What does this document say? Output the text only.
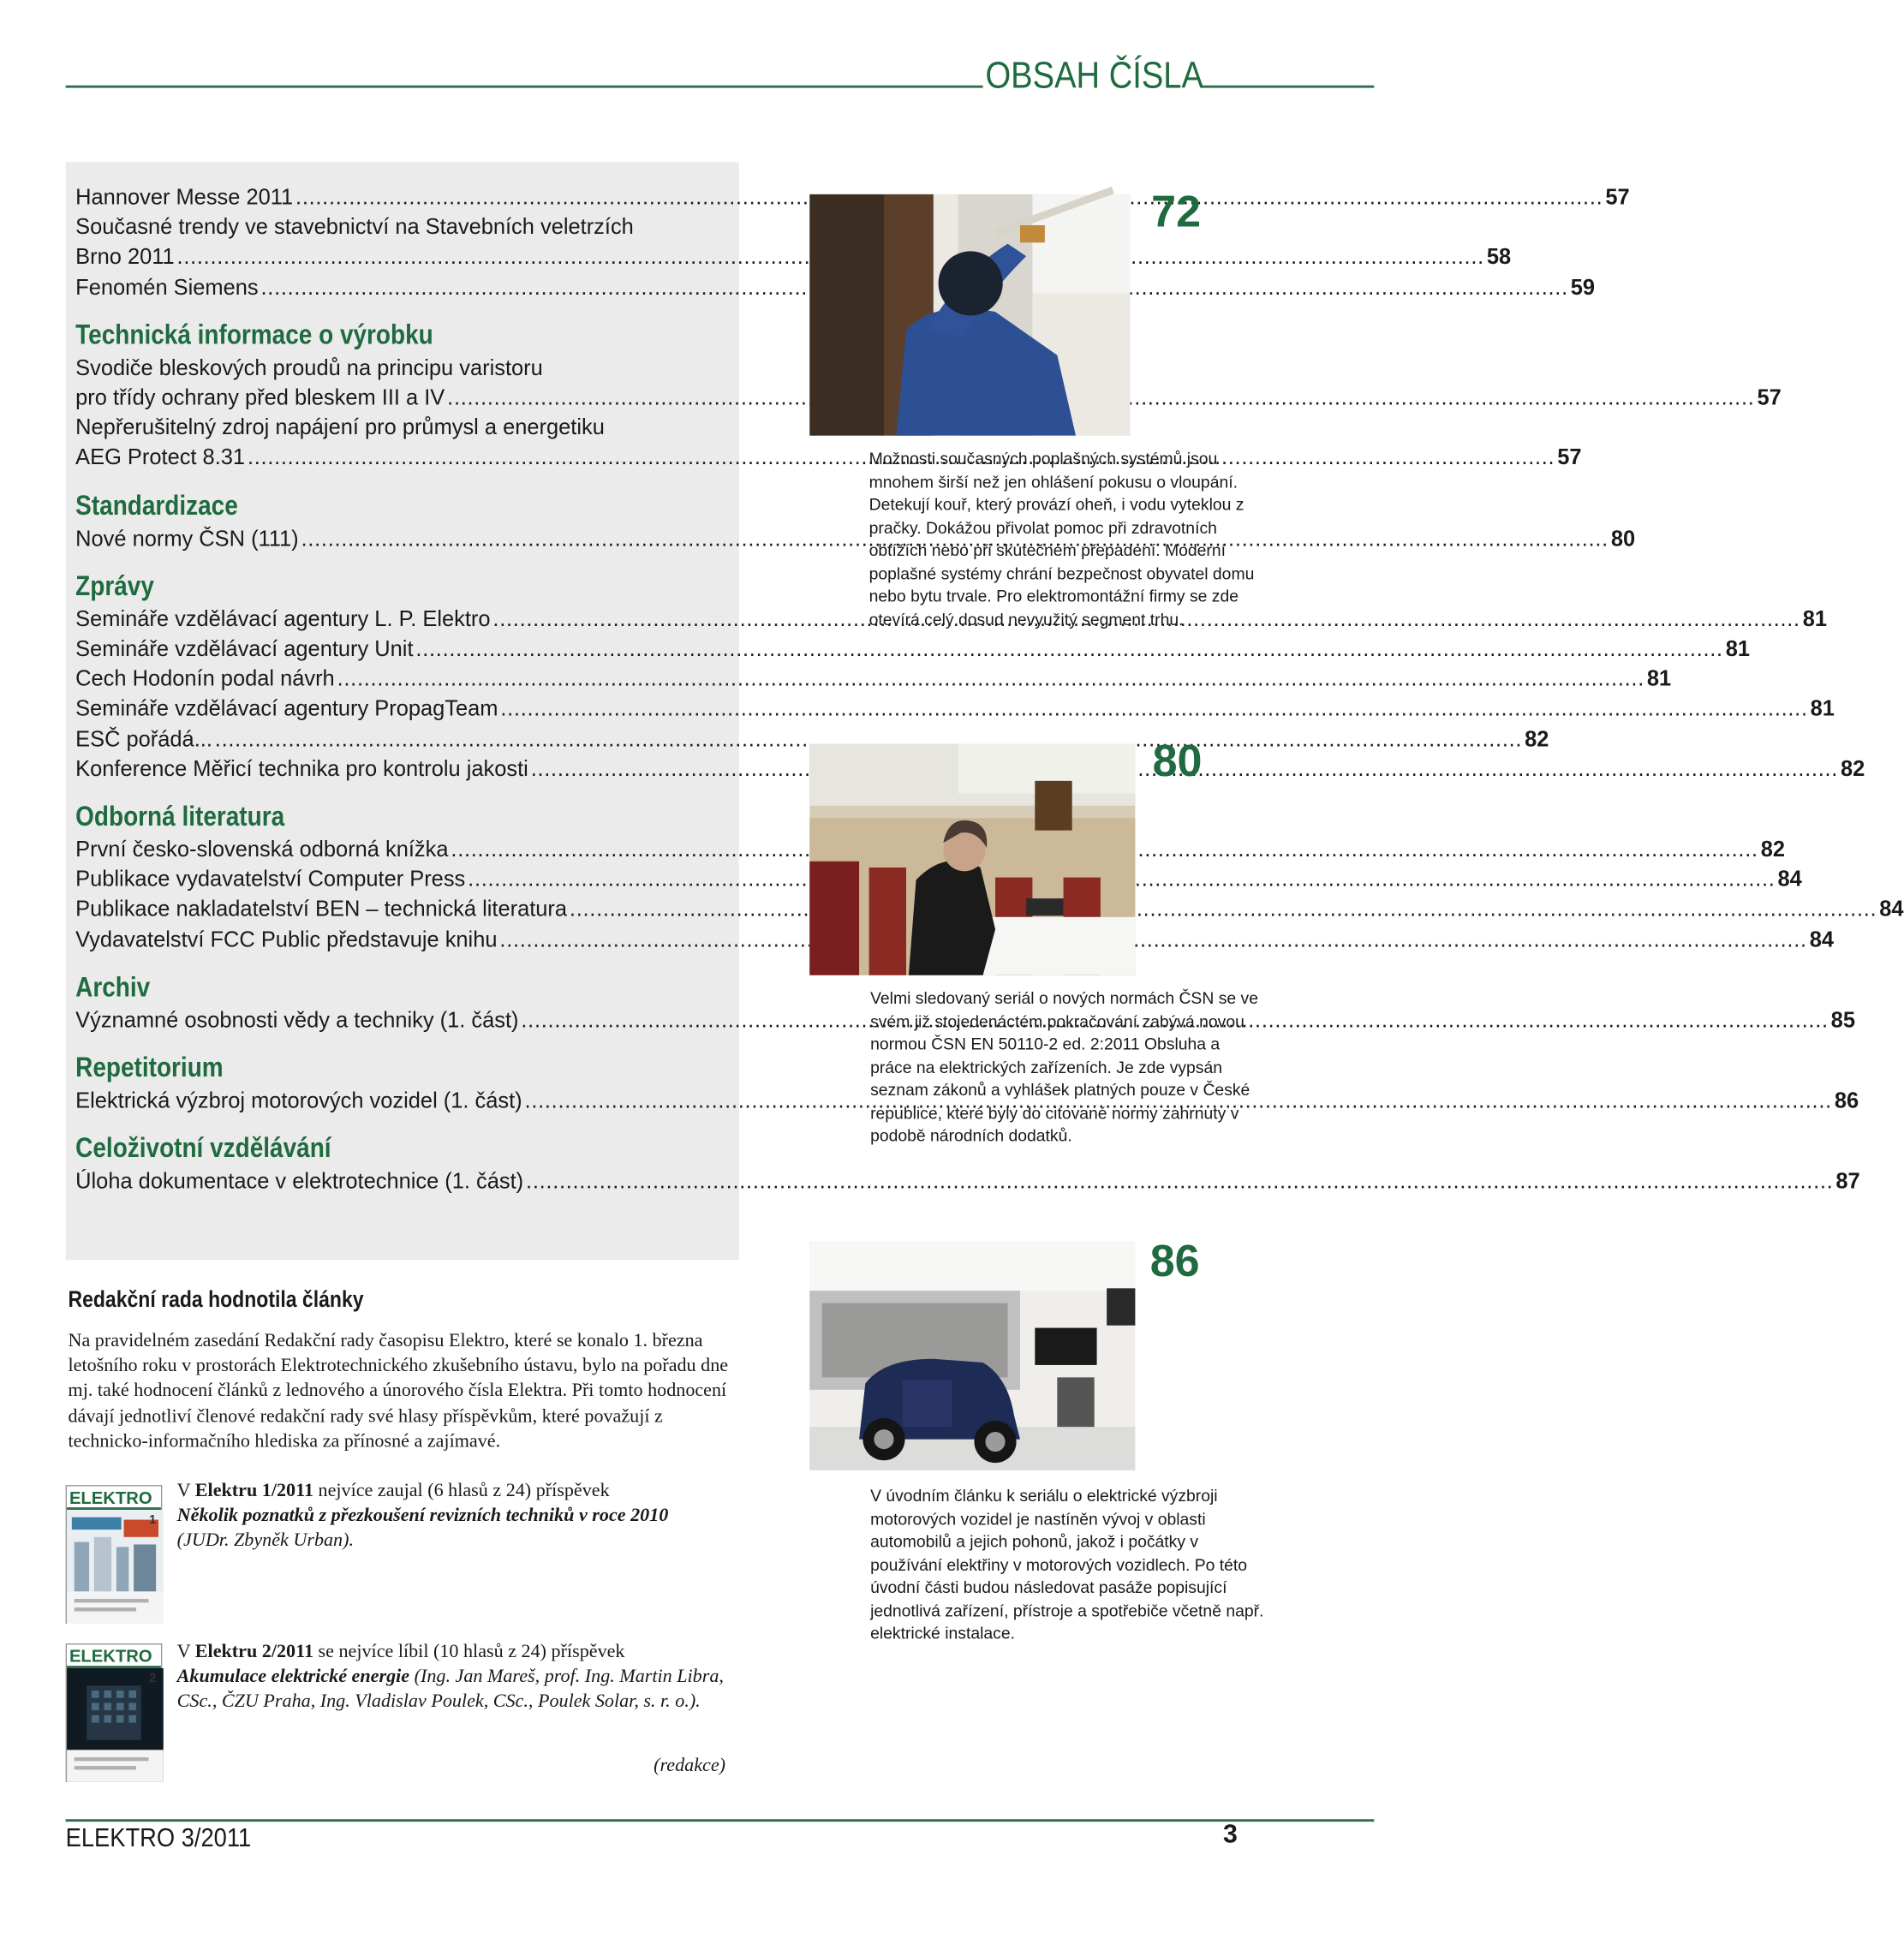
OBSAH ČÍSLA
Hannover Messe 2011 .....	57
Současné trendy ve stavebnictví na Stavebních veletrzích
Brno 2011 .....	58
Fenomén Siemens .....	59
Technická informace o výrobku
Svodiče bleskových proudů na principu varistoru
pro třídy ochrany před bleskem III a IV .....	57
Nepřerušitelný zdroj napájení pro průmysl a energetiku
AEG Protect 8.31 .....	57
Standardizace
Nové normy ČSN (111) .....	80
Zprávy
Semináře vzdělávací agentury L. P. Elektro .....	81
Semináře vzdělávací agentury Unit .....	81
Cech Hodonín podal návrh .....	81
Semináře vzdělávací agentury PropagTeam .....	81
ESČ pořádá... .....	82
Konference Měřicí technika pro kontrolu jakosti .....	82
Odborná literatura
První česko-slovenská odborná knížka .....	82
Publikace vydavatelství Computer Press .....	84
Publikace nakladatelství BEN – technická literatura .....	84
Vydavatelství FCC Public představuje knihu .....	84
Archiv
Významné osobnosti vědy a techniky (1. část) .....	85
Repetitorium
Elektrická výzbroj motorových vozidel (1. část) .....	86
Celoživotní vzdělávání
Úloha dokumentace v elektrotechnice (1. část) .....	87
Redakční rada hodnotila články
Na pravidelném zasedání Redakční rady časopisu Elektro, které se konalo 1. března letošního roku v prostorách Elektrotechnického zkušebního ústavu, bylo na pořadu dne mj. také hodnocení článků z lednového a únorového čísla Elektra. Při tomto hodnocení dávají jednotliví členové redakční rady své hlasy příspěvkům, které považují z technicko-informačního hlediska za přínosné a zajímavé.
ELEKTRO
1
V Elektru 1/2011 nejvíce zaujal (6 hlasů z 24) příspěvek
Několik poznatků z přezkoušení revizních techniků v roce 2010
(JUDr. Zbyněk Urban).
ELEKTRO
2
V Elektru 2/2011 se nejvíce líbil (10 hlasů z 24) příspěvek
Akumulace elektrické energie (Ing. Jan Mareš, prof. Ing. Martin Libra, CSc., ČZU Praha, Ing. Vladislav Poulek, CSc., Poulek Solar, s. r. o.).
(redakce)
72
Možnosti současných poplašných systémů jsou mnohem širší než jen ohlášení pokusu o vloupání. Detekují kouř, který provází oheň, i vodu vyteklou z pračky. Dokážou přivolat pomoc při zdravotních obtížích nebo při skutečném přepadení. Moderní poplašné systémy chrání bezpečnost obyvatel domu nebo bytu trvale. Pro elektromontážní firmy se zde otevírá celý dosud nevyužitý segment trhu.
80
Velmi sledovaný seriál o nových normách ČSN se ve svém již stojedenáctém pokračování zabývá novou normou ČSN EN 50110-2 ed. 2:2011 Obsluha a práce na elektrických zařízeních. Je zde vypsán seznam zákonů a vyhlášek platných pouze v České republice, které byly do citované normy zahrnuty v podobě národních dodatků.
86
V úvodním článku k seriálu o elektrické výzbroji motorových vozidel je nastíněn vývoj v oblasti automobilů a jejich pohonů, jakož i počátky v používání elektřiny v motorových vozidlech. Po této úvodní části budou následovat pasáže popisující jednotlivá zařízení, přístroje a spotřebiče včetně např. elektrické instalace.
ELEKTRO 3/2011	3
